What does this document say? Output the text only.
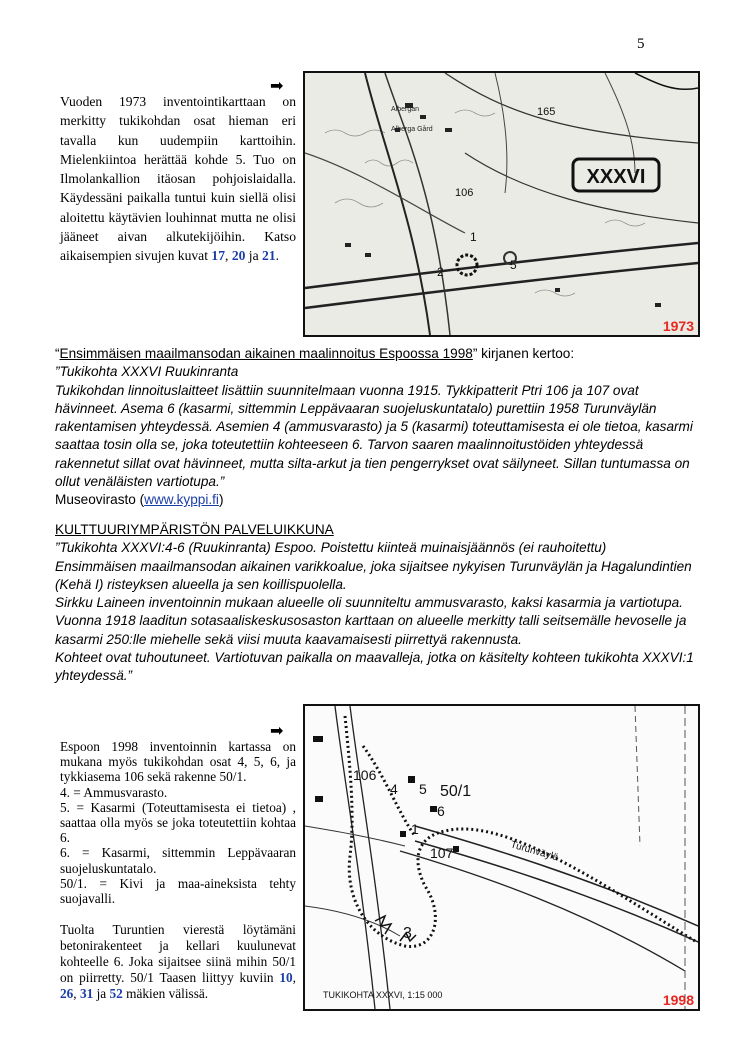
5
➡
Vuoden 1973 inventointikarttaan on merkitty tukikohdan osat hieman eri tavalla kun uudempiin karttoihin. Mielenkiintoa herättää kohde 5. Tuo on Ilmolankallion itäosan pohjoislaidalla. Käydessäni paikalla tuntui kuin siellä olisi aloitettu käytävien louhinnat mutta ne olisi jääneet aivan alkutekijöihin. Katso aikaisempien sivujen kuvat 17, 20 ja 21.
XXXVI
165
106
1
2	5
Albergan
Alberga Gård
1973
“Ensimmäisen maailmansodan aikainen maalinnoitus Espoossa 1998” kirjanen kertoo:
”Tukikohta XXXVI Ruukinranta
Tukikohdan linnoituslaitteet lisättiin suunnitelmaan vuonna 1915. Tykkipatterit Ptri 106 ja 107 ovat hävinneet. Asema 6 (kasarmi, sittemmin Leppävaaran suojeluskuntatalo) purettiin 1958 Turunväylän rakentamisen yhteydessä. Asemien 4 (ammusvarasto) ja 5 (kasarmi) toteuttamisesta ei ole tietoa, kasarmi saattaa tosin olla se, joka toteutettiin kohteeseen 6. Tarvon saaren maalinnoitustöiden yhteydessä rakennetut sillat ovat hävinneet, mutta silta-arkut ja tien pengerrykset ovat säilyneet. Sillan tuntumassa on ollut venäläisten vartiotupa.”
Museovirasto (www.kyppi.fi)
KULTTUURIYMPÄRISTÖN PALVELUIKKUNA
”Tukikohta XXXVI:4-6 (Ruukinranta) Espoo. Poistettu kiinteä muinaisjäännös (ei rauhoitettu)
Ensimmäisen maailmansodan aikainen varikkoalue, joka sijaitsee nykyisen Turunväylän ja Hagalundintien (Kehä I) risteyksen alueella ja sen koillispuolella.
Sirkku Laineen inventoinnin mukaan alueelle oli suunniteltu ammusvarasto, kaksi kasarmia ja vartiotupa. Vuonna 1918 laaditun sotasaaliskeskusosaston karttaan on alueelle merkitty talli seitsemälle hevoselle ja kasarmi 250:lle miehelle sekä viisi muuta kaavamaisesti piirrettyä rakennusta.
Kohteet ovat tuhoutuneet. Vartiotuvan paikalla on maavalleja, jotka on käsitelty kohteen tukikohta XXXVI:1 yhteydessä.”
➡
Espoon 1998 inventoinnin kartassa on mukana myös tukikohdan osat 4, 5, 6, ja tykkiasema 106 sekä rakenne 50/1.
4. = Ammusvarasto.
5. = Kasarmi (Toteuttamisesta ei tietoa) , saattaa olla myös se joka toteutettiin kohtaa 6.
6. = Kasarmi, sittemmin Leppävaaran suojeluskuntatalo.
50/1. = Kivi ja maa-aineksista tehty suojavalli.
Tuolta Turuntien vierestä löytämäni betonirakenteet ja kellari kuulunevat kohteelle 6. Joka sijaitsee siinä mihin 50/1 on piirretty. 50/1 Taasen liittyy kuviin 10, 26, 31 ja 52 mäkien välissä.
106
4 5 50/1
6
1
107
3
Turunväylä
TUKIKOHTA XXXVI, 1:15 000	1998
